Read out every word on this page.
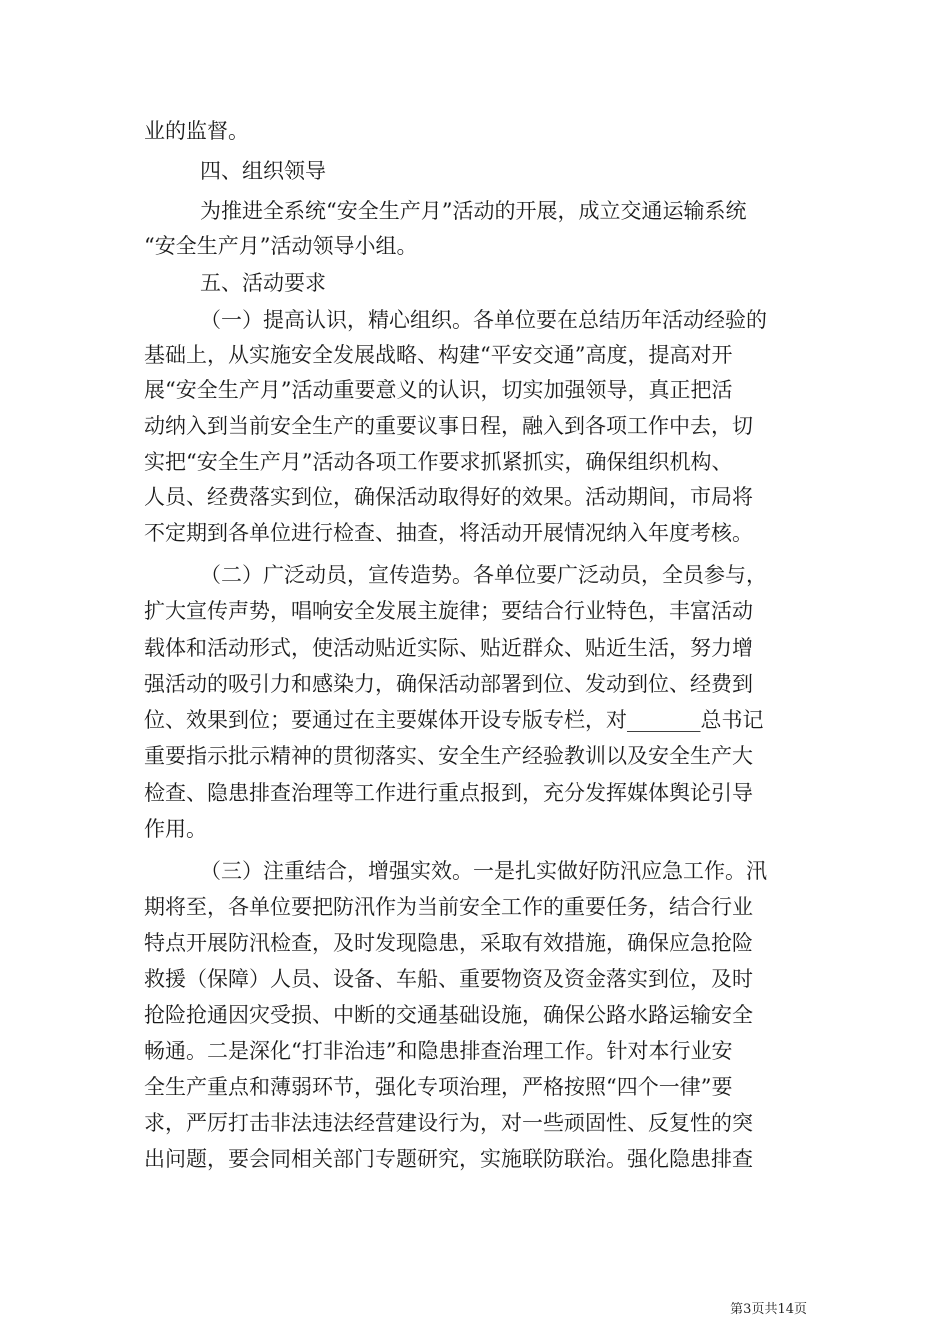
业的监督。
四、组织领导
为推进全系统“安全生产月”活动的开展，成立交通运输系统
“安全生产月”活动领导小组。
五、活动要求
（一）提高认识，精心组织。各单位要在总结历年活动经验的
基础上，从实施安全发展战略、构建“平安交通”高度，提高对开
展“安全生产月”活动重要意义的认识，切实加强领导，真正把活
动纳入到当前安全生产的重要议事日程，融入到各项工作中去，切
实把“安全生产月”活动各项工作要求抓紧抓实，确保组织机构、
人员、经费落实到位，确保活动取得好的效果。活动期间，市局将
不定期到各单位进行检查、抽查，将活动开展情况纳入年度考核。
（二）广泛动员，宣传造势。各单位要广泛动员，全员参与，
扩大宣传声势，唱响安全发展主旋律；要结合行业特色，丰富活动
载体和活动形式，使活动贴近实际、贴近群众、贴近生活，努力增
强活动的吸引力和感染力，确保活动部署到位、发动到位、经费到
位、效果到位；要通过在主要媒体开设专版专栏，对_______总书记
重要指示批示精神的贯彻落实、安全生产经验教训以及安全生产大
检查、隐患排查治理等工作进行重点报到，充分发挥媒体舆论引导
作用。
（三）注重结合，增强实效。一是扎实做好防汛应急工作。汛
期将至，各单位要把防汛作为当前安全工作的重要任务，结合行业
特点开展防汛检查，及时发现隐患，采取有效措施，确保应急抢险
救援（保障）人员、设备、车船、重要物资及资金落实到位，及时
抢险抢通因灾受损、中断的交通基础设施，确保公路水路运输安全
畅通。二是深化“打非治违”和隐患排查治理工作。针对本行业安
全生产重点和薄弱环节，强化专项治理，严格按照“四个一律”要
求，严厉打击非法违法经营建设行为，对一些顽固性、反复性的突
出问题，要会同相关部门专题研究，实施联防联治。强化隐患排查
第3页共14页
